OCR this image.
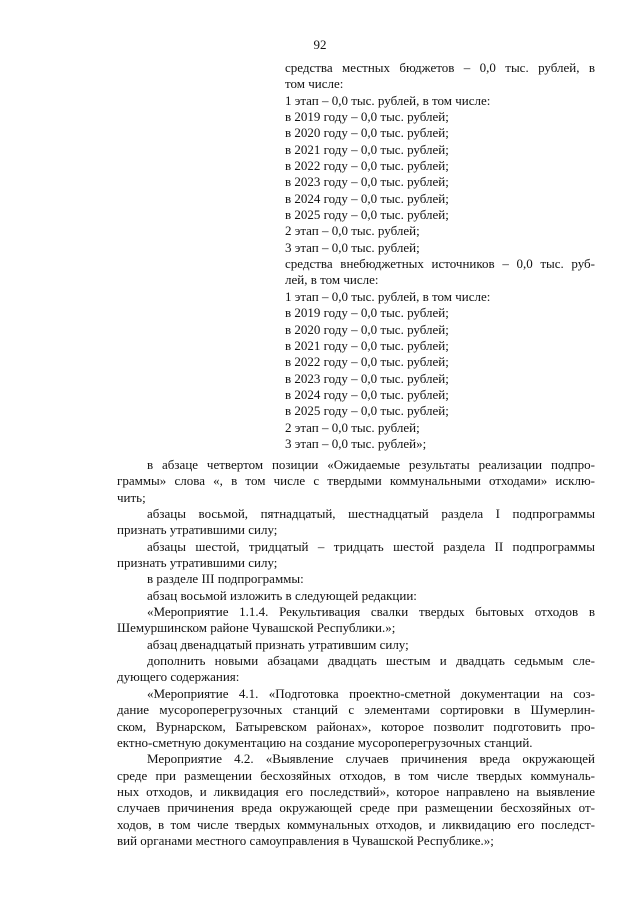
92
средства местных бюджетов – 0,0 тыс. рублей, в
том числе:
1 этап – 0,0 тыс. рублей, в том числе:
в 2019 году – 0,0 тыс. рублей;
в 2020 году – 0,0 тыс. рублей;
в 2021 году – 0,0 тыс. рублей;
в 2022 году – 0,0 тыс. рублей;
в 2023 году – 0,0 тыс. рублей;
в 2024 году – 0,0 тыс. рублей;
в 2025 году – 0,0 тыс. рублей;
2 этап – 0,0 тыс. рублей;
3 этап – 0,0 тыс. рублей;
средства внебюджетных источников – 0,0 тыс. руб-
лей, в том числе:
1 этап – 0,0 тыс. рублей, в том числе:
в 2019 году – 0,0 тыс. рублей;
в 2020 году – 0,0 тыс. рублей;
в 2021 году – 0,0 тыс. рублей;
в 2022 году – 0,0 тыс. рублей;
в 2023 году – 0,0 тыс. рублей;
в 2024 году – 0,0 тыс. рублей;
в 2025 году – 0,0 тыс. рублей;
2 этап – 0,0 тыс. рублей;
3 этап – 0,0 тыс. рублей»;
в абзаце четвертом позиции «Ожидаемые результаты реализации подпро-
граммы» слова «, в том числе с твердыми коммунальными отходами» исклю-
чить;
абзацы восьмой, пятнадцатый, шестнадцатый раздела I подпрограммы
признать утратившими силу;
абзацы шестой, тридцатый – тридцать шестой раздела II подпрограммы
признать утратившими силу;
в разделе III подпрограммы:
абзац восьмой изложить в следующей редакции:
«Мероприятие 1.1.4. Рекультивация свалки твердых бытовых отходов в
Шемуршинском районе Чувашской Республики.»;
абзац двенадцатый признать утратившим силу;
дополнить новыми абзацами двадцать шестым и двадцать седьмым сле-
дующего содержания:
«Мероприятие 4.1. «Подготовка проектно-сметной документации на соз-
дание мусороперегрузочных станций с элементами сортировки в Шумерлин-
ском, Вурнарском, Батыревском районах», которое позволит подготовить про-
ектно-сметную документацию на создание мусороперегрузочных станций.
Мероприятие 4.2. «Выявление случаев причинения вреда окружающей
среде при размещении бесхозяйных отходов, в том числе твердых коммуналь-
ных отходов, и ликвидация его последствий», которое направлено на выявление
случаев причинения вреда окружающей среде при размещении бесхозяйных от-
ходов, в том числе твердых коммунальных отходов, и ликвидацию его последст-
вий органами местного самоуправления в Чувашской Республике.»;
